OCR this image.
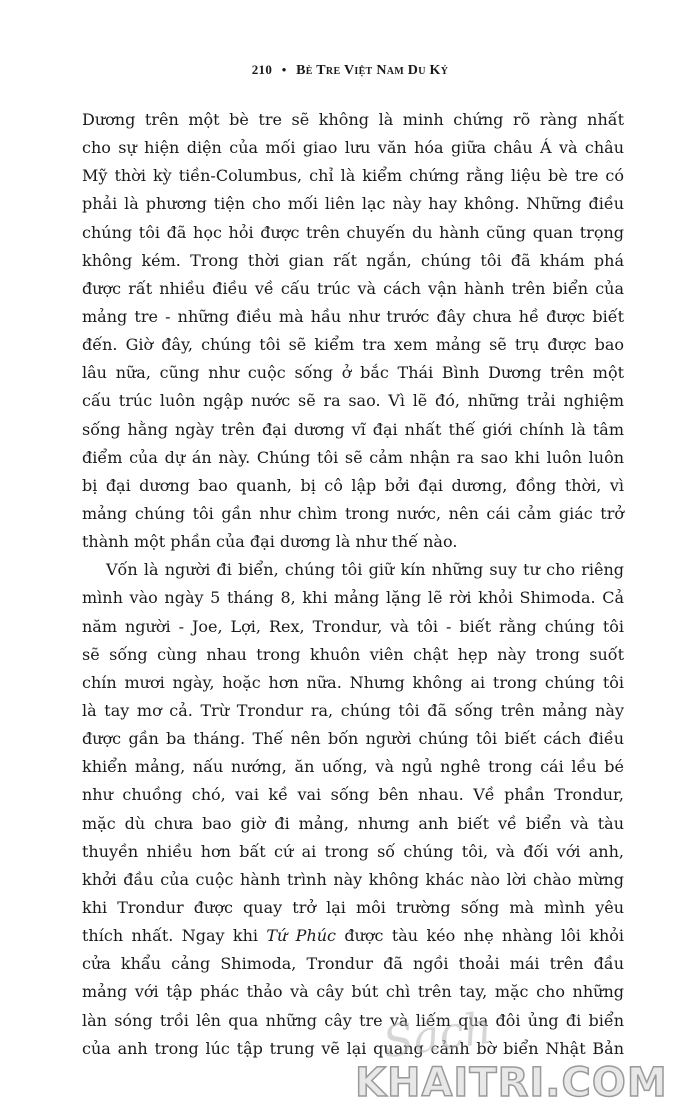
210 • Bè Tre Việt Nam Du Ký
Dương trên một bè tre sẽ không là minh chứng rõ ràng nhất
cho sự hiện diện của mối giao lưu văn hóa giữa châu Á và châu
Mỹ thời kỳ tiền-Columbus, chỉ là kiểm chứng rằng liệu bè tre có
phải là phương tiện cho mối liên lạc này hay không. Những điều
chúng tôi đã học hỏi được trên chuyến du hành cũng quan trọng
không kém. Trong thời gian rất ngắn, chúng tôi đã khám phá
được rất nhiều điều về cấu trúc và cách vận hành trên biển của
mảng tre - những điều mà hầu như trước đây chưa hề được biết
đến. Giờ đây, chúng tôi sẽ kiểm tra xem mảng sẽ trụ được bao
lâu nữa, cũng như cuộc sống ở bắc Thái Bình Dương trên một
cấu trúc luôn ngập nước sẽ ra sao. Vì lẽ đó, những trải nghiệm
sống hằng ngày trên đại dương vĩ đại nhất thế giới chính là tâm
điểm của dự án này. Chúng tôi sẽ cảm nhận ra sao khi luôn luôn
bị đại dương bao quanh, bị cô lập bởi đại dương, đồng thời, vì
mảng chúng tôi gần như chìm trong nước, nên cái cảm giác trở
thành một phần của đại dương là như thế nào.
Vốn là người đi biển, chúng tôi giữ kín những suy tư cho riêng
mình vào ngày 5 tháng 8, khi mảng lặng lẽ rời khỏi Shimoda. Cả
năm người - Joe, Lợi, Rex, Trondur, và tôi - biết rằng chúng tôi
sẽ sống cùng nhau trong khuôn viên chật hẹp này trong suốt
chín mươi ngày, hoặc hơn nữa. Nhưng không ai trong chúng tôi
là tay mơ cả. Trừ Trondur ra, chúng tôi đã sống trên mảng này
được gần ba tháng. Thế nên bốn người chúng tôi biết cách điều
khiển mảng, nấu nướng, ăn uống, và ngủ nghê trong cái lều bé
như chuồng chó, vai kề vai sống bên nhau. Về phần Trondur,
mặc dù chưa bao giờ đi mảng, nhưng anh biết về biển và tàu
thuyền nhiều hơn bất cứ ai trong số chúng tôi, và đối với anh,
khởi đầu của cuộc hành trình này không khác nào lời chào mừng
khi Trondur được quay trở lại môi trường sống mà mình yêu
thích nhất. Ngay khi Tứ Phúc được tàu kéo nhẹ nhàng lôi khỏi
cửa khẩu cảng Shimoda, Trondur đã ngồi thoải mái trên đầu
mảng với tập phác thảo và cây bút chì trên tay, mặc cho những
làn sóng trồi lên qua những cây tre và liếm qua đôi ủng đi biển
của anh trong lúc tập trung vẽ lại quang cảnh bờ biển Nhật Bản
Sách
KHAITRI.COM
